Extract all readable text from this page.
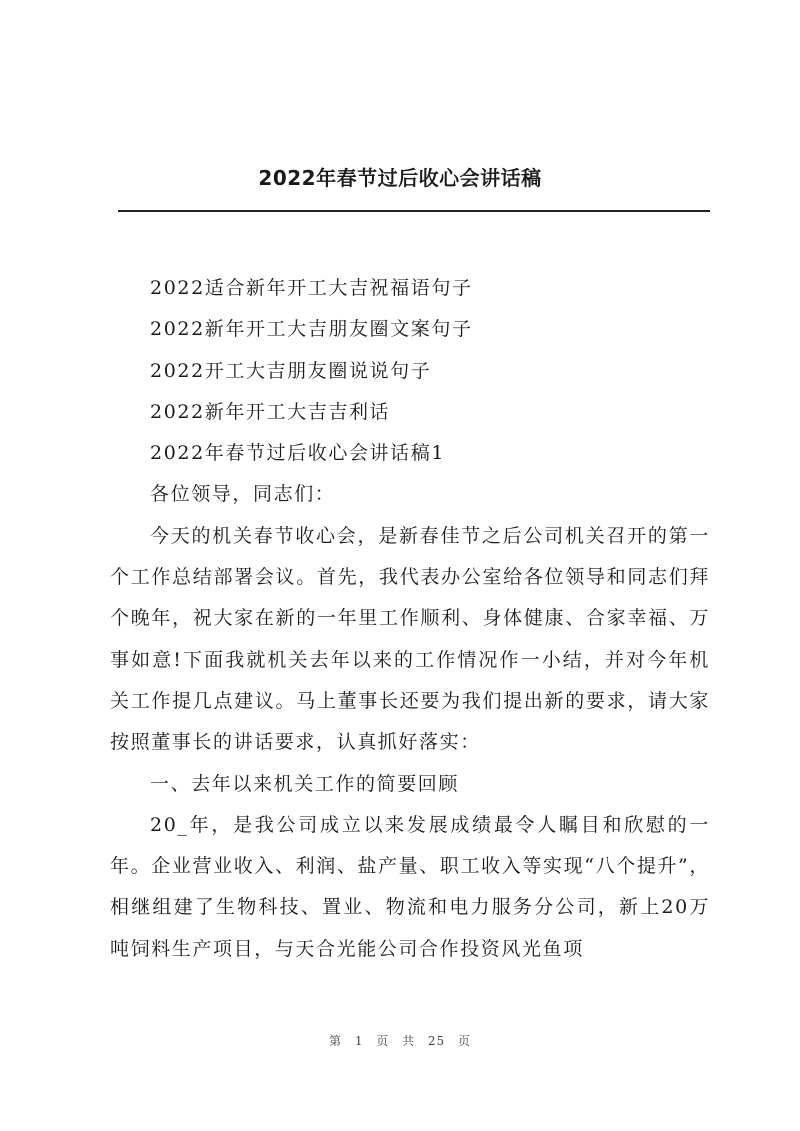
2022年春节过后收心会讲话稿

2022适合新年开工大吉祝福语句子

2022新年开工大吉朋友圈文案句子

2022开工大吉朋友圈说说句子

2022新年开工大吉吉利话

2022年春节过后收心会讲话稿1

各位领导，同志们：

今天的机关春节收心会，是新春佳节之后公司机关召开的第一个工作总结部署会议。首先，我代表办公室给各位领导和同志们拜个晚年，祝大家在新的一年里工作顺利、身体健康、合家幸福、万事如意!下面我就机关去年以来的工作情况作一小结，并对今年机关工作提几点建议。马上董事长还要为我们提出新的要求，请大家按照董事长的讲话要求，认真抓好落实：

一、去年以来机关工作的简要回顾

20_年，是我公司成立以来发展成绩最令人瞩目和欣慰的一年。企业营业收入、利润、盐产量、职工收入等实现“八个提升”，相继组建了生物科技、置业、物流和电力服务分公司，新上20万吨饲料生产项目，与天合光能公司合作投资风光鱼项

第 1 页 共 25 页
